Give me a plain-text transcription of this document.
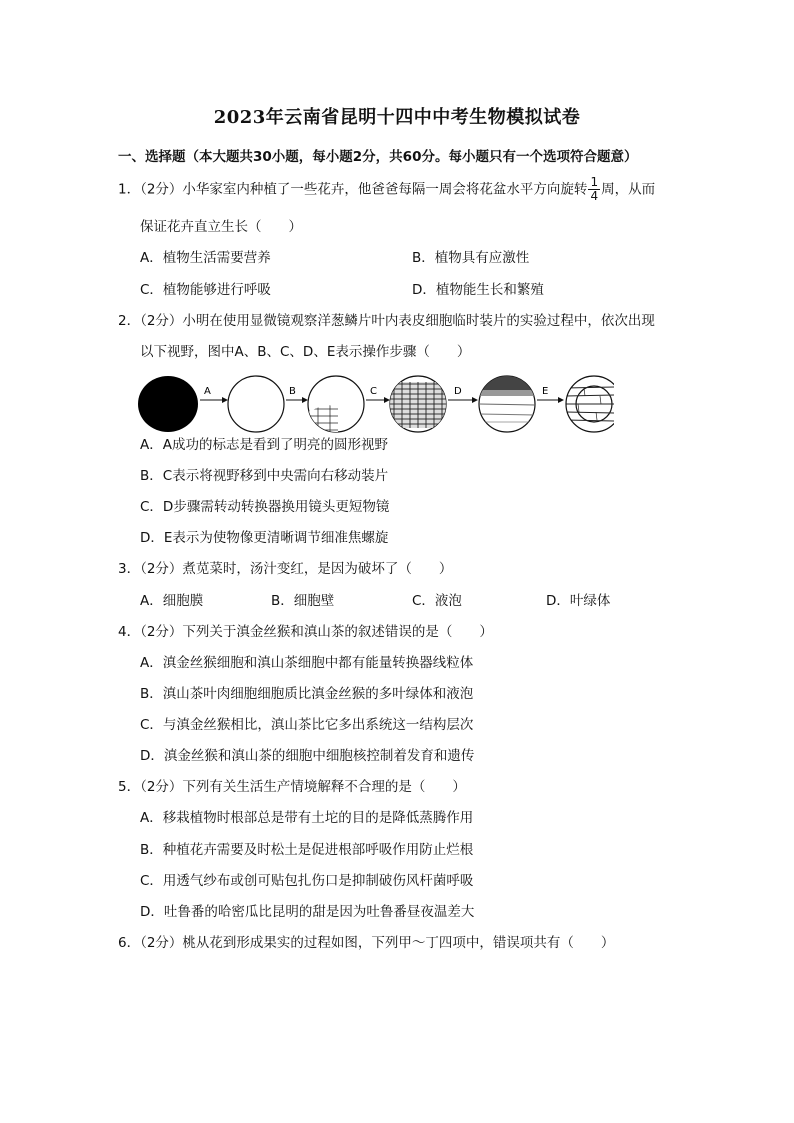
2023年云南省昆明十四中中考生物模拟试卷
一、选择题（本大题共30小题，每小题2分，共60分。每小题只有一个选项符合题意）
1．（2分）小华家室内种植了一些花卉，他爸爸每隔一周会将花盆水平方向旋转 $\frac{1}{4}$ 周，从而
保证花卉直立生长（　　）
A．植物生活需要营养	B．植物具有应激性
C．植物能够进行呼吸	D．植物能生长和繁殖
2．（2分）小明在使用显微镜观察洋葱鳞片叶内表皮细胞临时装片的实验过程中，依次出现
以下视野，图中A、B、C、D、E表示操作步骤（　　）
A	B	C	D	E
A．A成功的标志是看到了明亮的圆形视野
B．C表示将视野移到中央需向右移动装片
C．D步骤需转动转换器换用镜头更短物镜
D．E表示为使物像更清晰调节细准焦螺旋
3．（2分）煮苋菜时，汤汁变红，是因为破坏了（　　）
A．细胞膜	B．细胞壁	C．液泡	D．叶绿体
4．（2分）下列关于滇金丝猴和滇山茶的叙述错误的是（　　）
A．滇金丝猴细胞和滇山茶细胞中都有能量转换器线粒体
B．滇山茶叶肉细胞细胞质比滇金丝猴的多叶绿体和液泡
C．与滇金丝猴相比，滇山茶比它多出系统这一结构层次
D．滇金丝猴和滇山茶的细胞中细胞核控制着发育和遗传
5．（2分）下列有关生活生产情境解释不合理的是（　　）
A．移栽植物时根部总是带有土坨的目的是降低蒸腾作用
B．种植花卉需要及时松土是促进根部呼吸作用防止烂根
C．用透气纱布或创可贴包扎伤口是抑制破伤风杆菌呼吸
D．吐鲁番的哈密瓜比昆明的甜是因为吐鲁番昼夜温差大
6．（2分）桃从花到形成果实的过程如图，下列甲～丁四项中，错误项共有（　　）
